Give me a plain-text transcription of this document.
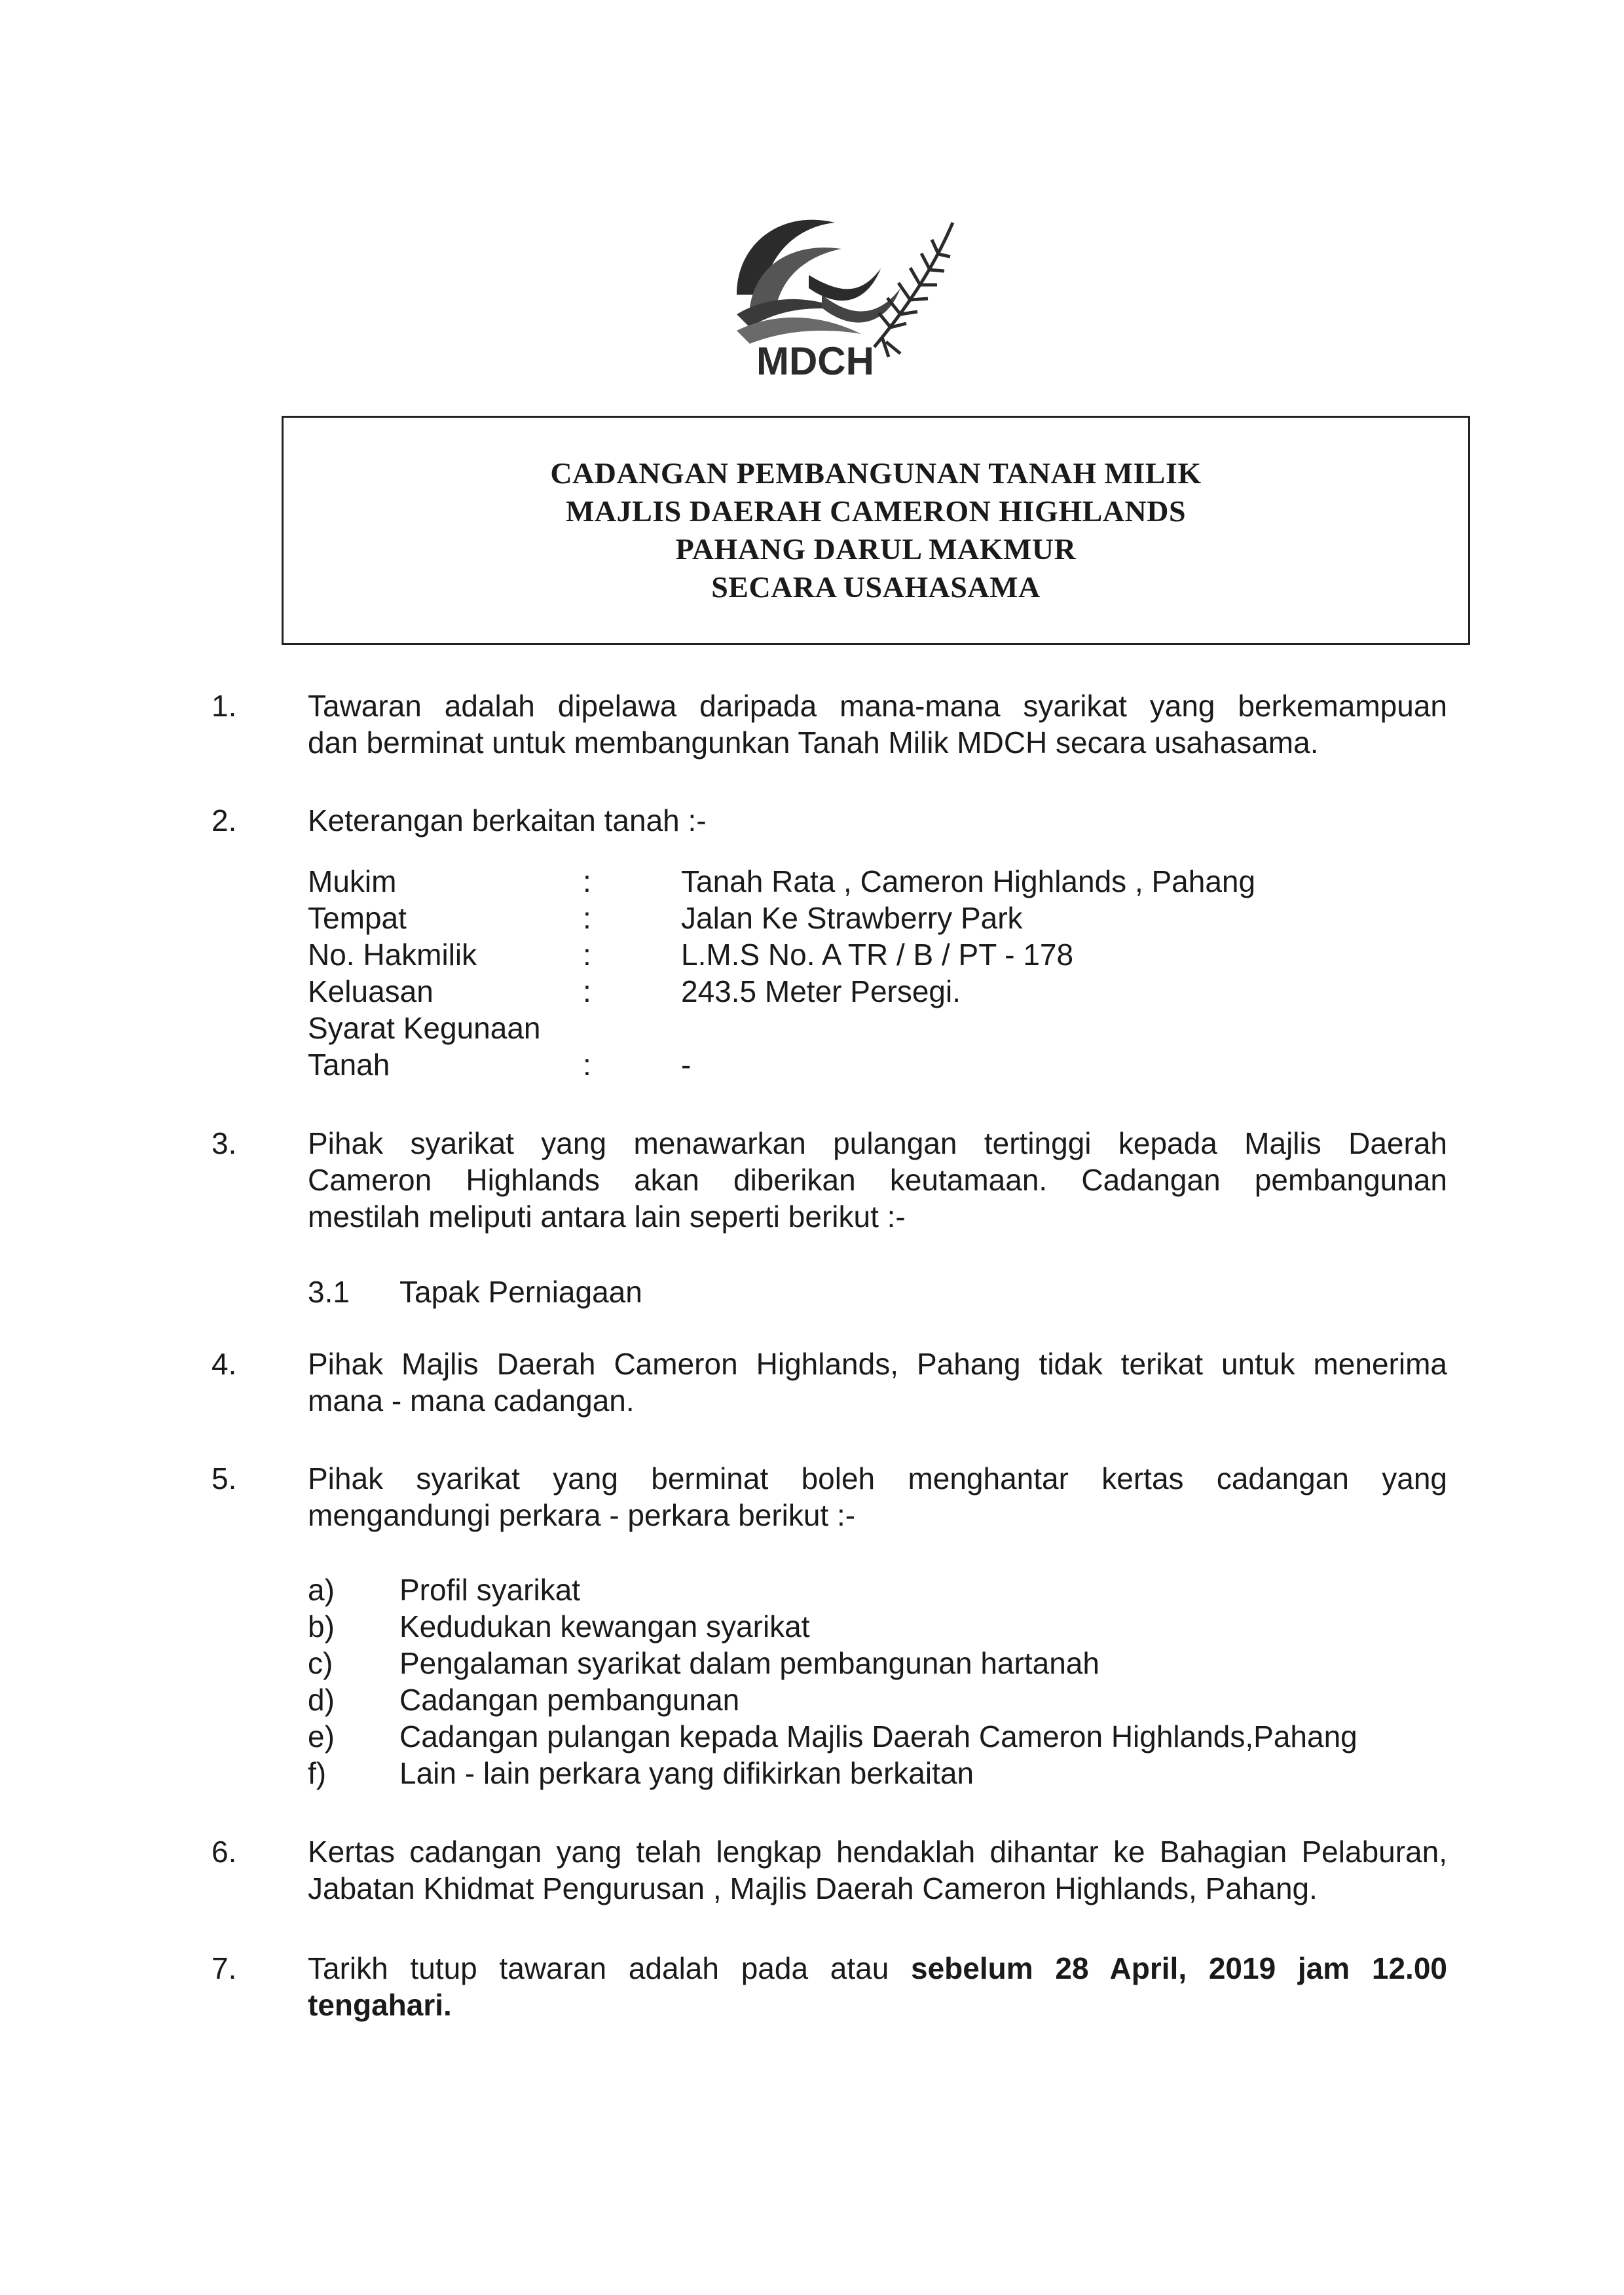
MDCH
CADANGAN PEMBANGUNAN TANAH MILIK
MAJLIS DAERAH CAMERON HIGHLANDS
PAHANG DARUL MAKMUR
SECARA USAHASAMA
1.	Tawaran adalah dipelawa daripada mana-mana syarikat yang berkemampuan
dan berminat untuk membangunkan Tanah Milik MDCH secara usahasama.
2.	Keterangan berkaitan tanah :-
Mukim	:	Tanah Rata , Cameron Highlands , Pahang
Tempat	:	Jalan Ke Strawberry Park
No. Hakmilik	:	L.M.S No. A TR / B / PT - 178
Keluasan	:	243.5 Meter Persegi.
Syarat Kegunaan
Tanah	:	-
3.	Pihak syarikat yang menawarkan pulangan tertinggi kepada Majlis Daerah
Cameron Highlands akan diberikan keutamaan. Cadangan pembangunan
mestilah meliputi antara lain seperti berikut :-
3.1 Tapak Perniagaan
4.	Pihak Majlis Daerah Cameron Highlands, Pahang tidak terikat untuk menerima
mana - mana cadangan.
5.	Pihak syarikat yang berminat boleh menghantar kertas cadangan yang
mengandungi perkara - perkara berikut :-
a) Profil syarikat
b) Kedudukan kewangan syarikat
c) Pengalaman syarikat dalam pembangunan hartanah
d) Cadangan pembangunan
e) Cadangan pulangan kepada Majlis Daerah Cameron Highlands,Pahang
f) Lain - lain perkara yang difikirkan berkaitan
6.	Kertas cadangan yang telah lengkap hendaklah dihantar ke Bahagian Pelaburan,
Jabatan Khidmat Pengurusan , Majlis Daerah Cameron Highlands, Pahang.
7.	Tarikh tutup tawaran adalah pada atau sebelum 28 April, 2019 jam 12.00
tengahari.
